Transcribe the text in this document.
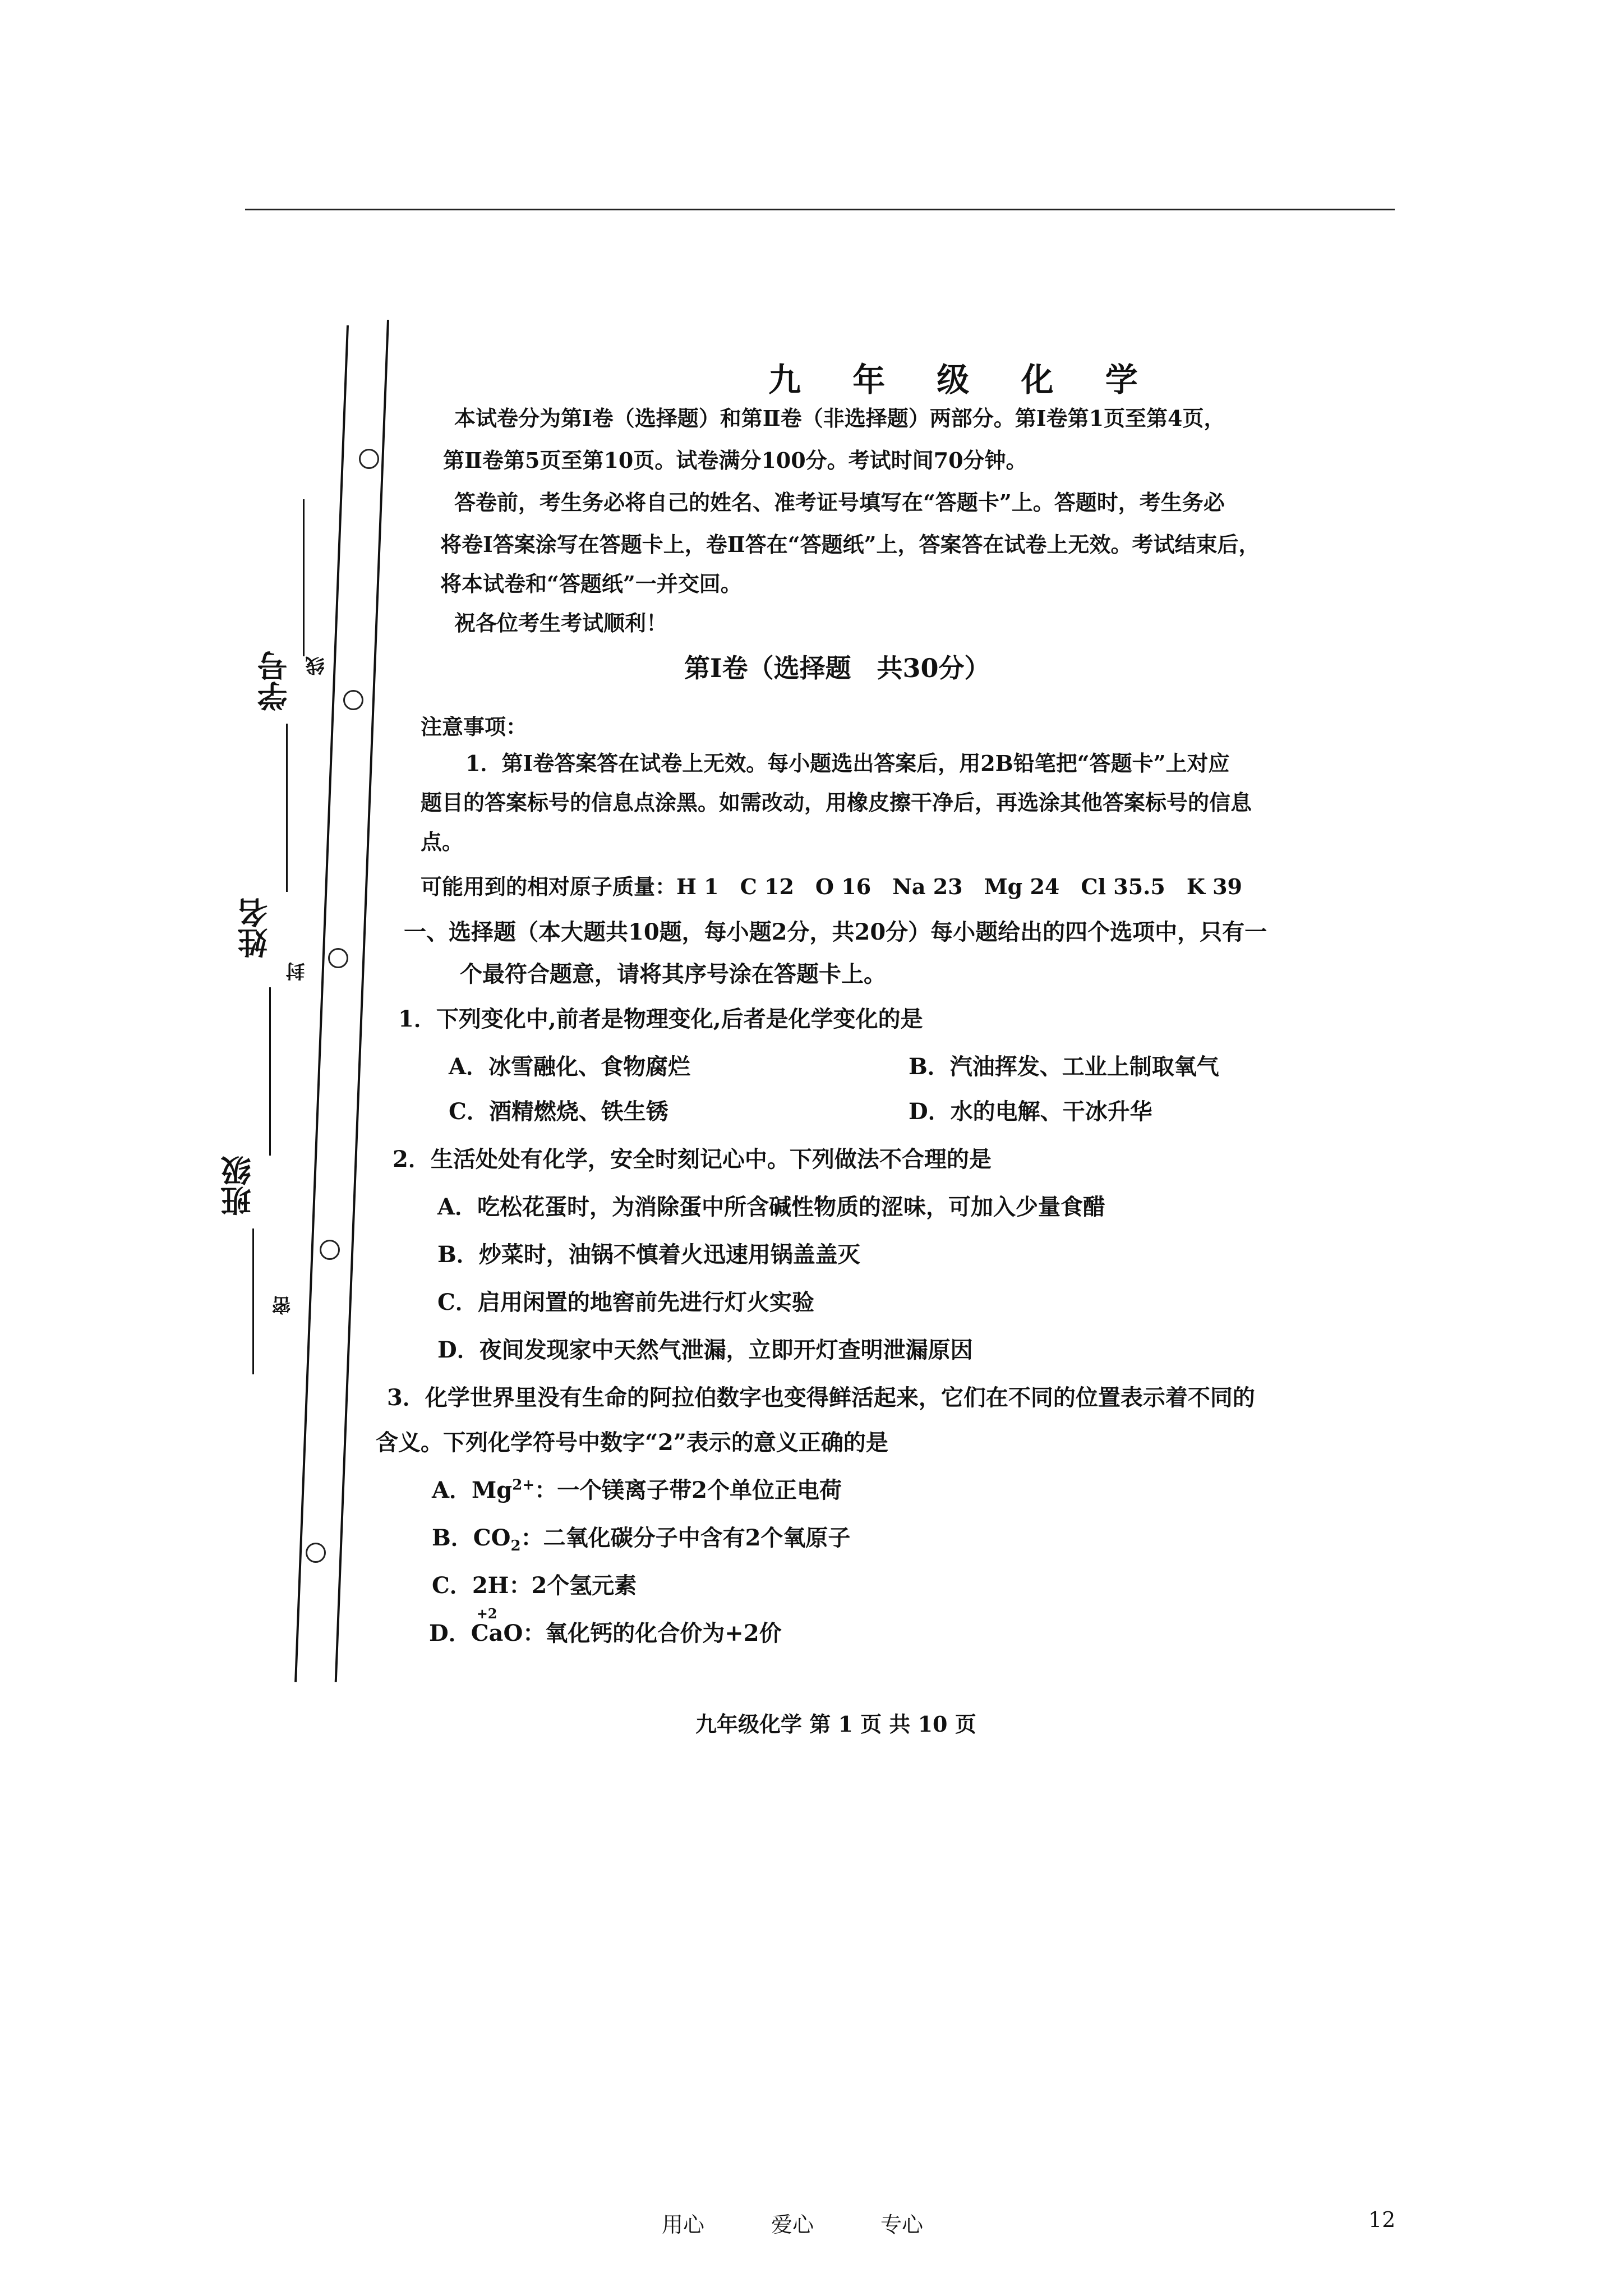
学号 线
姓名
封
班级
密
九 年 级 化 学
本试卷分为第Ⅰ卷（选择题）和第Ⅱ卷（非选择题）两部分。第Ⅰ卷第1页至第4页，
第Ⅱ卷第5页至第10页。试卷满分100分。考试时间70分钟。
答卷前，考生务必将自己的姓名、准考证号填写在“答题卡”上。答题时，考生务必
将卷Ⅰ答案涂写在答题卡上，卷Ⅱ答在“答题纸”上，答案答在试卷上无效。考试结束后，
将本试卷和“答题纸”一并交回。
祝各位考生考试顺利！
第Ⅰ卷（选择题　共30分）
注意事项：
1．第Ⅰ卷答案答在试卷上无效。每小题选出答案后，用2B铅笔把“答题卡”上对应
题目的答案标号的信息点涂黑。如需改动，用橡皮擦干净后，再选涂其他答案标号的信息
点。
可能用到的相对原子质量：H 1　C 12　O 16　Na 23　Mg 24　Cl 35.5　K 39
一、选择题（本大题共10题，每小题2分，共20分）每小题给出的四个选项中，只有一
个最符合题意，请将其序号涂在答题卡上。
1．下列变化中,前者是物理变化,后者是化学变化的是
A．冰雪融化、食物腐烂	B．汽油挥发、工业上制取氧气
C．酒精燃烧、铁生锈	D．水的电解、干冰升华
2．生活处处有化学，安全时刻记心中。下列做法不合理的是
A．吃松花蛋时，为消除蛋中所含碱性物质的涩味，可加入少量食醋
B．炒菜时，油锅不慎着火迅速用锅盖盖灭
C．启用闲置的地窖前先进行灯火实验
D．夜间发现家中天然气泄漏，立即开灯查明泄漏原因
3．化学世界里没有生命的阿拉伯数字也变得鲜活起来，它们在不同的位置表示着不同的
含义。下列化学符号中数字“2”表示的意义正确的是
A．$Mg^{2+}$：一个镁离子带2个单位正电荷
B．$CO_2$：二氧化碳分子中含有2个氧原子
C．2H：2个氢元素
D．
+2
CaO：氧化钙的化合价为+2价
九年级化学 第 1 页 共 10 页
用心	爱心	专心	12
